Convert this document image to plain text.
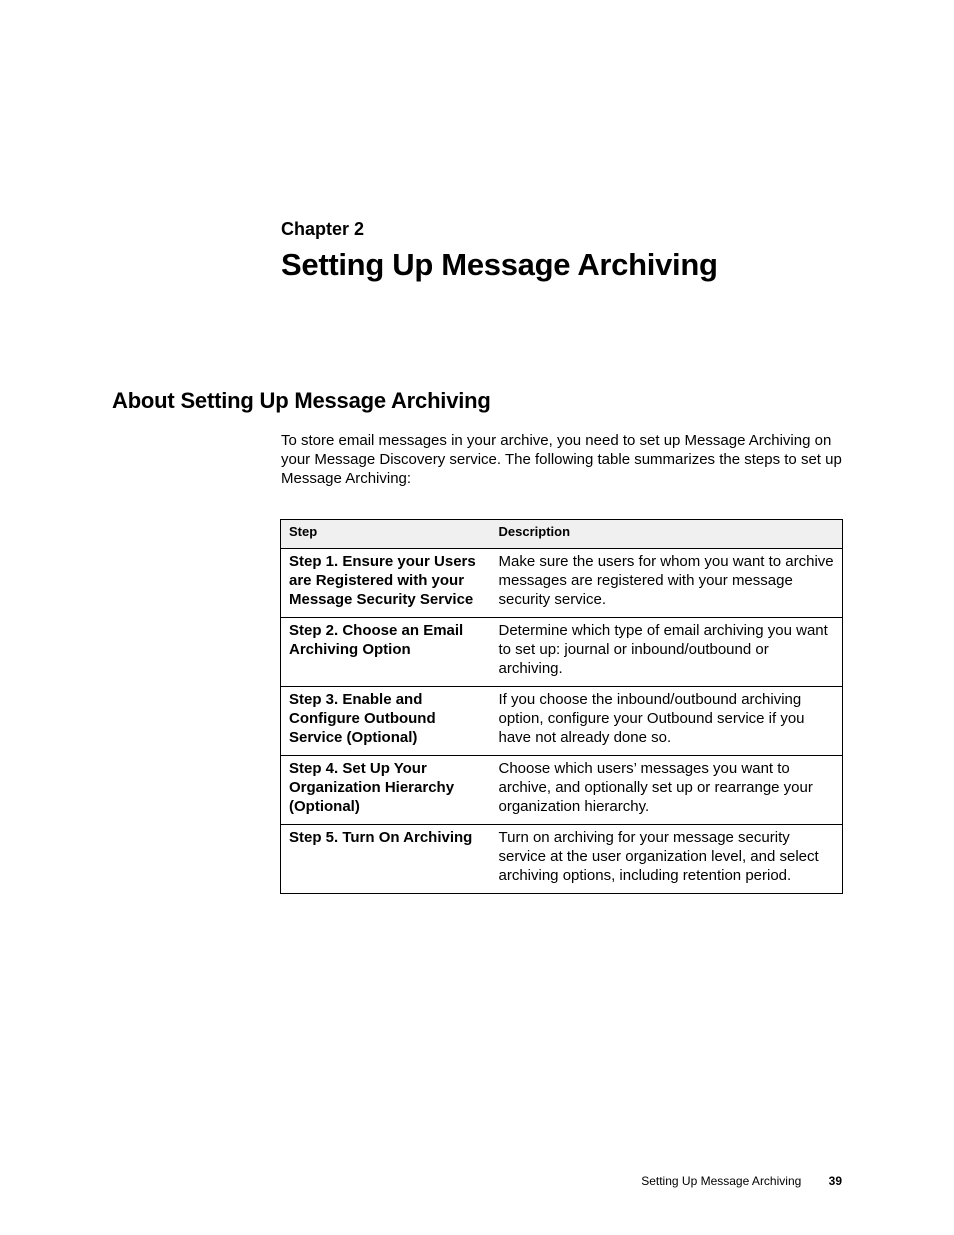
Chapter 2
Setting Up Message Archiving
About Setting Up Message Archiving

To store email messages in your archive, you need to set up Message Archiving on your Message Discovery service. The following table summarizes the steps to set up Message Archiving:

Step	Description
Step 1. Ensure your Users are Registered with your Message Security Service	Make sure the users for whom you want to archive messages are registered with your message security service.
Step 2. Choose an Email Archiving Option	Determine which type of email archiving you want to set up: journal or inbound/outbound or archiving.
Step 3. Enable and Configure Outbound Service (Optional)	If you choose the inbound/outbound archiving option, configure your Outbound service if you have not already done so.
Step 4. Set Up Your Organization Hierarchy (Optional)	Choose which users’ messages you want to archive, and optionally set up or rearrange your organization hierarchy.
Step 5. Turn On Archiving	Turn on archiving for your message security service at the user organization level, and select archiving options, including retention period.
Setting Up Message Archiving 39
